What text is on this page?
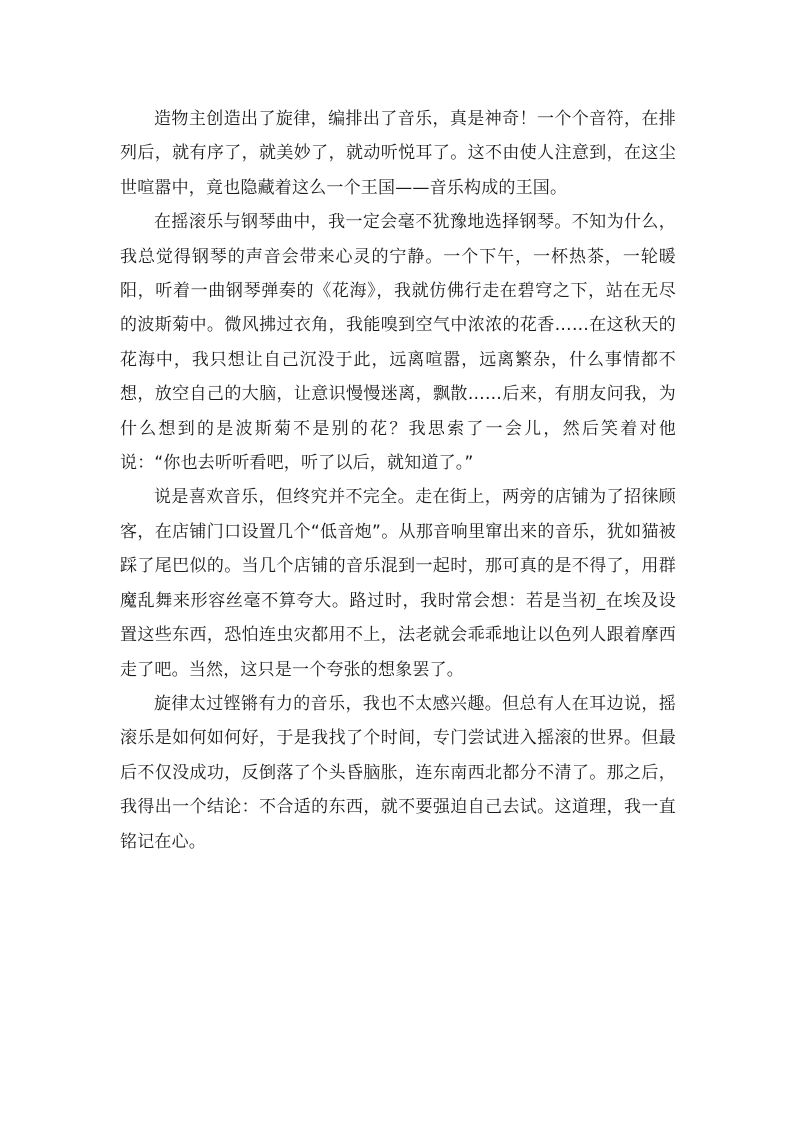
造物主创造出了旋律，编排出了音乐，真是神奇！一个个音符，在排列后，就有序了，就美妙了，就动听悦耳了。这不由使人注意到，在这尘世喧嚣中，竟也隐藏着这么一个王国——音乐构成的王国。

在摇滚乐与钢琴曲中，我一定会毫不犹豫地选择钢琴。不知为什么，我总觉得钢琴的声音会带来心灵的宁静。一个下午，一杯热茶，一轮暖阳，听着一曲钢琴弹奏的《花海》，我就仿佛行走在碧穹之下，站在无尽的波斯菊中。微风拂过衣角，我能嗅到空气中浓浓的花香……在这秋天的花海中，我只想让自己沉没于此，远离喧嚣，远离繁杂，什么事情都不想，放空自己的大脑，让意识慢慢迷离，飘散……后来，有朋友问我，为什么想到的是波斯菊不是别的花？我思索了一会儿，然后笑着对他说：“你也去听听看吧，听了以后，就知道了。”

说是喜欢音乐，但终究并不完全。走在街上，两旁的店铺为了招徕顾客，在店铺门口设置几个“低音炮”。从那音响里窜出来的音乐，犹如猫被踩了尾巴似的。当几个店铺的音乐混到一起时，那可真的是不得了，用群魔乱舞来形容丝毫不算夸大。路过时，我时常会想：若是当初_在埃及设置这些东西，恐怕连虫灾都用不上，法老就会乖乖地让以色列人跟着摩西走了吧。当然，这只是一个夸张的想象罢了。

旋律太过铿锵有力的音乐，我也不太感兴趣。但总有人在耳边说，摇滚乐是如何如何好，于是我找了个时间，专门尝试进入摇滚的世界。但最后不仅没成功，反倒落了个头昏脑胀，连东南西北都分不清了。那之后，我得出一个结论：不合适的东西，就不要强迫自己去试。这道理，我一直铭记在心。
